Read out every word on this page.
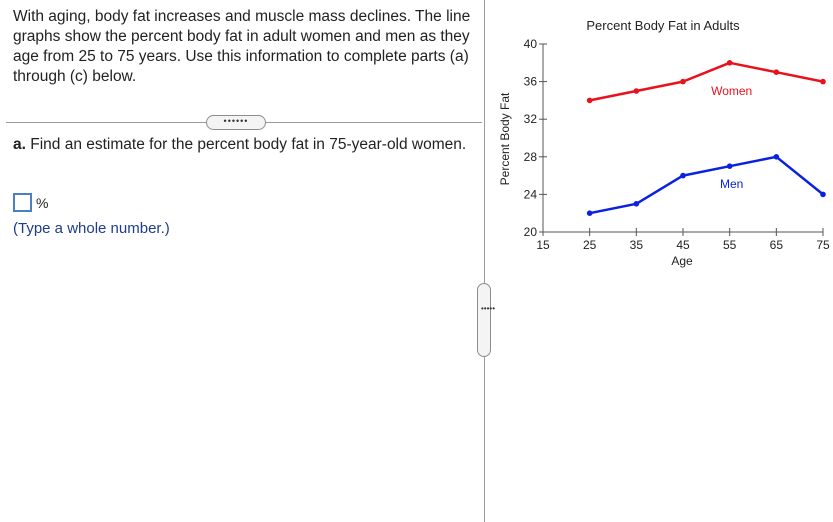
With aging, body fat increases and muscle mass declines. The line graphs show the percent body fat in adult women and men as they age from 25 to 75 years. Use this information to complete parts (a) through (c) below.
••••••
a. Find an estimate for the percent body fat in 75-year-old women.
%
(Type a whole number.)
•••••
Percent Body Fat in Adults
Percent Body Fat
Age
20
24
28
32
36
40
15	25	35	45	55	65	75
Women
Men
